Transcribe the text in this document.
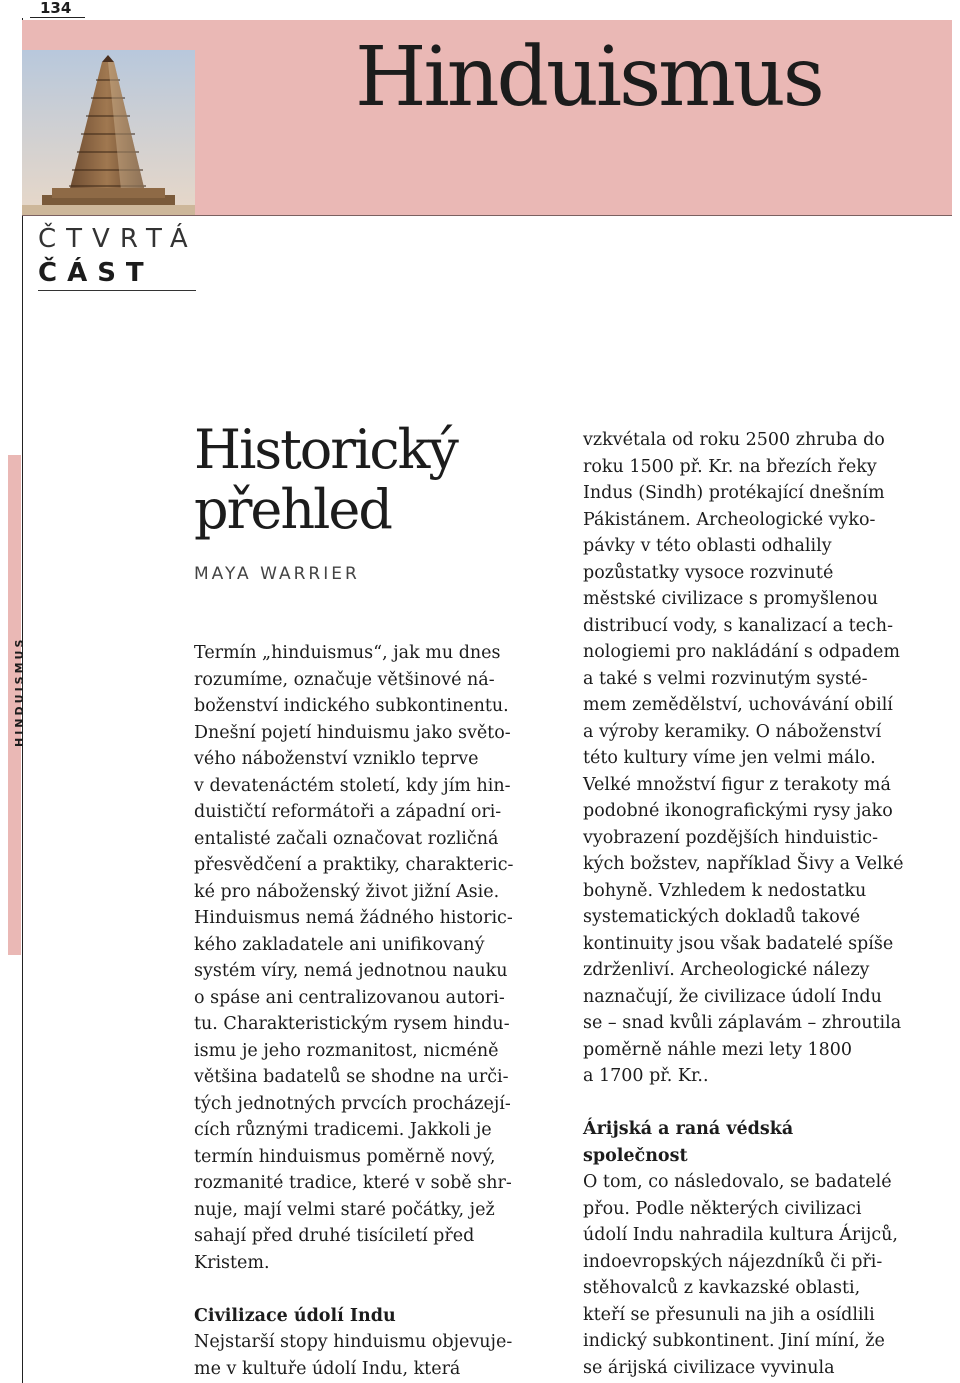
134
Hinduismus
ČTVRTÁ
ČÁST
HINDUISMUS
Historický
přehled
MAYA WARRIER
Termín „hinduismus“, jak mu dnes
rozumíme, označuje většinové ná-
boženství indického subkontinentu.
Dnešní pojetí hinduismu jako světo-
vého náboženství vzniklo teprve
v devatenáctém století, kdy jím hin-
duističtí reformátoři a západní ori-
entalisté začali označovat rozličná
přesvědčení a praktiky, charakteric-
ké pro náboženský život jižní Asie.
Hinduismus nemá žádného historic-
kého zakladatele ani unifikovaný
systém víry, nemá jednotnou nauku
o spáse ani centralizovanou autori-
tu. Charakteristickým rysem hindu-
ismu je jeho rozmanitost, nicméně
většina badatelů se shodne na urči-
tých jednotných prvcích procházejí-
cích různými tradicemi. Jakkoli je
termín hinduismus poměrně nový,
rozmanité tradice, které v sobě shr-
nuje, mají velmi staré počátky, jež
sahají před druhé tisíciletí před
Kristem.
Civilizace údolí Indu
Nejstarší stopy hinduismu objevuje-
me v kultuře údolí Indu, která
vzkvétala od roku 2500 zhruba do
roku 1500 př. Kr. na březích řeky
Indus (Sindh) protékající dnešním
Pákistánem. Archeologické vyko-
pávky v této oblasti odhalily
pozůstatky vysoce rozvinuté
městské civilizace s promyšlenou
distribucí vody, s kanalizací a tech-
nologiemi pro nakládání s odpadem
a také s velmi rozvinutým systé-
mem zemědělství, uchovávání obilí
a výroby keramiky. O náboženství
této kultury víme jen velmi málo.
Velké množství figur z terakoty má
podobné ikonografickými rysy jako
vyobrazení pozdějších hinduistic-
kých božstev, například Šivy a Velké
bohyně. Vzhledem k nedostatku
systematických dokladů takové
kontinuity jsou však badatelé spíše
zdrženliví. Archeologické nálezy
naznačují, že civilizace údolí Indu
se – snad kvůli záplavám – zhroutila
poměrně náhle mezi lety 1800
a 1700 př. Kr..
Árijská a raná védská
společnost
O tom, co následovalo, se badatelé
přou. Podle některých civilizaci
údolí Indu nahradila kultura Árijců,
indoevropských nájezdníků či při-
stěhovalců z kavkazské oblasti,
kteří se přesunuli na jih a osídlili
indický subkontinent. Jiní míní, že
se árijská civilizace vyvinula
